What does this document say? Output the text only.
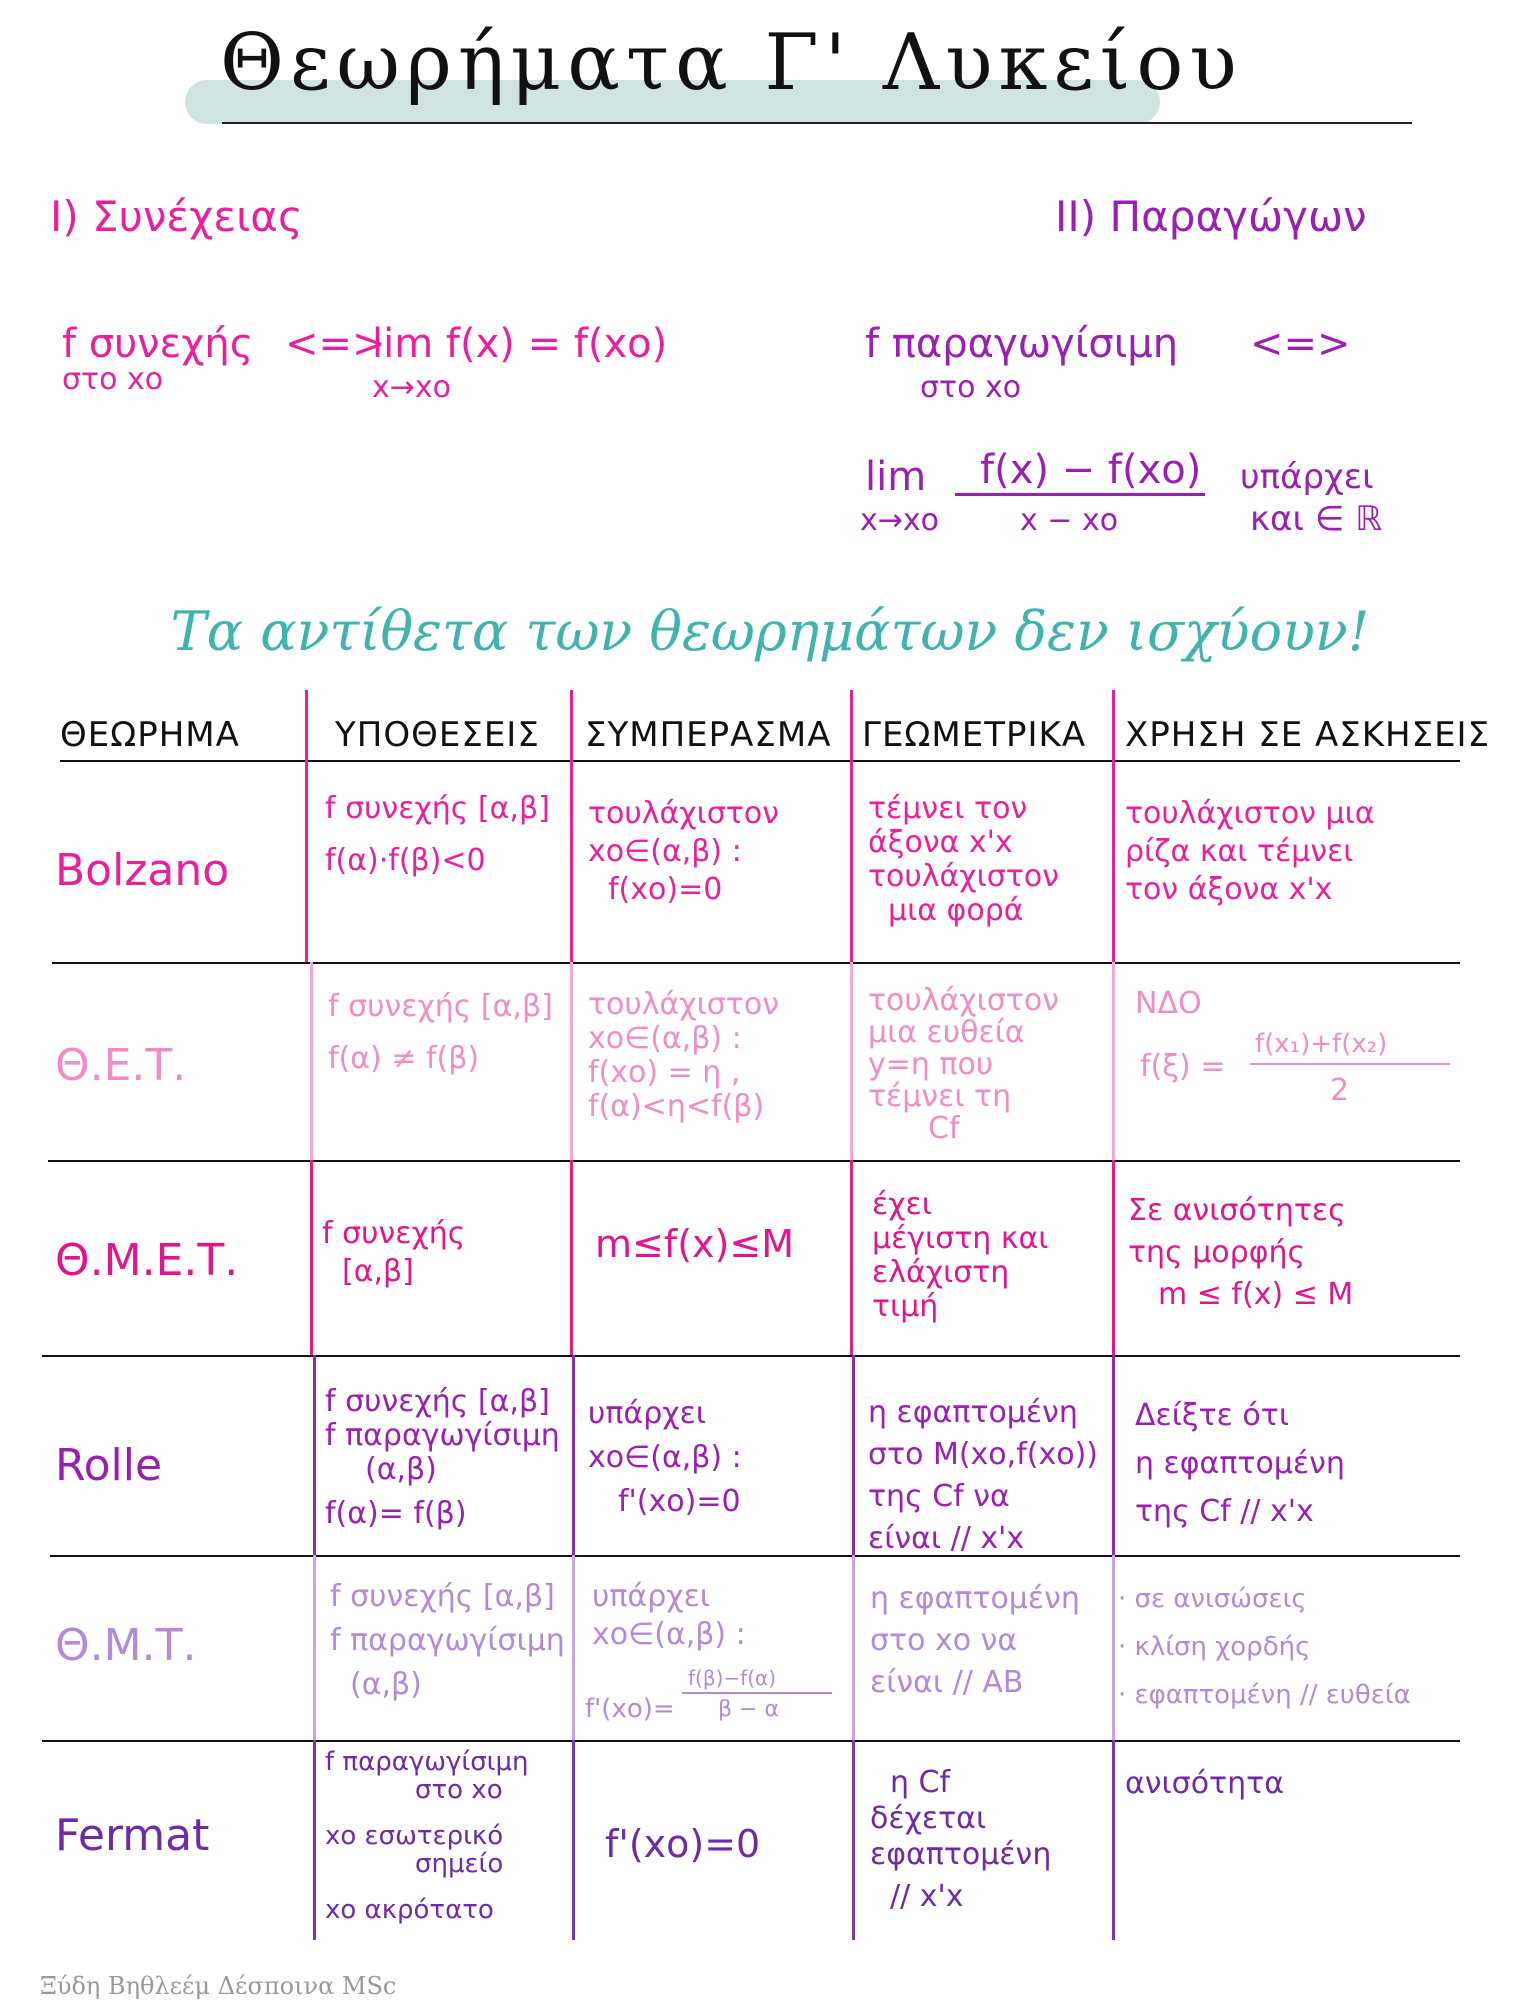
Θεωρήματα Γ' Λυκείου
I) Συνέχειας
f συνεχής
στο xο
<=>
lim f(x) = f(xο)
x→xο
II) Παραγώγων
f παραγωγίσιμη <=>
στο xο
lim
x→xο
f(x) − f(xο)
x − xο
υπάρχει
και ∈ ℝ
Τα αντίθετα των θεωρημάτων δεν ισχύουν!
ΘΕΩΡΗΜΑ	ΥΠΟΘΕΣΕΙΣ ΣΥΜΠΕΡΑΣΜΑ ΓΕΩΜΕΤΡΙΚΑ ΧΡΗΣΗ ΣΕ ΑΣΚΗΣΕΙΣ
Bolzano
f συνεχής [α,β]
f(α)·f(β)<0
τουλάχιστον
xο∈(α,β) :
f(xο)=0
τέμνει τον
άξονα x'x
τουλάχιστον
μια φορά
τουλάχιστον μια
ρίζα και τέμνει
τον άξονα x'x
Θ.Ε.Τ.
f συνεχής [α,β]
f(α) ≠ f(β)
τουλάχιστον
xο∈(α,β) :
f(xο) = η ,
f(α)<η<f(β)
τουλάχιστον
μια ευθεία
y=η που
τέμνει τη
Cf
ΝΔΟ
f(ξ) =
f(x₁)+f(x₂)
2
Θ.Μ.Ε.Τ.
f συνεχής
[α,β]
m≤f(x)≤M
έχει
μέγιστη και
ελάχιστη
τιμή
Σε ανισότητες
της μορφής
m ≤ f(x) ≤ M
Rolle
f συνεχής [α,β]
f παραγωγίσιμη
(α,β)
f(α)= f(β)
υπάρχει
xο∈(α,β) :
f'(xο)=0
η εφαπτομένη
στο M(xο,f(xο))
της Cf να
είναι // x'x
Δείξτε ότι
η εφαπτομένη
της Cf // x'x
Θ.Μ.Τ.
f συνεχής [α,β]
f παραγωγίσιμη
(α,β)
υπάρχει
xο∈(α,β) :
f'(xο)=
f(β)−f(α)
β − α
η εφαπτομένη
στο xο να
είναι // AB
· σε ανισώσεις
· κλίση χορδής
· εφαπτομένη // ευθεία
Fermat
f παραγωγίσιμη
στο xο
xο εσωτερικό
σημείο
xο ακρότατο
f'(xο)=0
η Cf
δέχεται
εφαπτομένη
// x'x
ανισότητα
Ξύδη Βηθλεέμ Δέσποινα MSc
